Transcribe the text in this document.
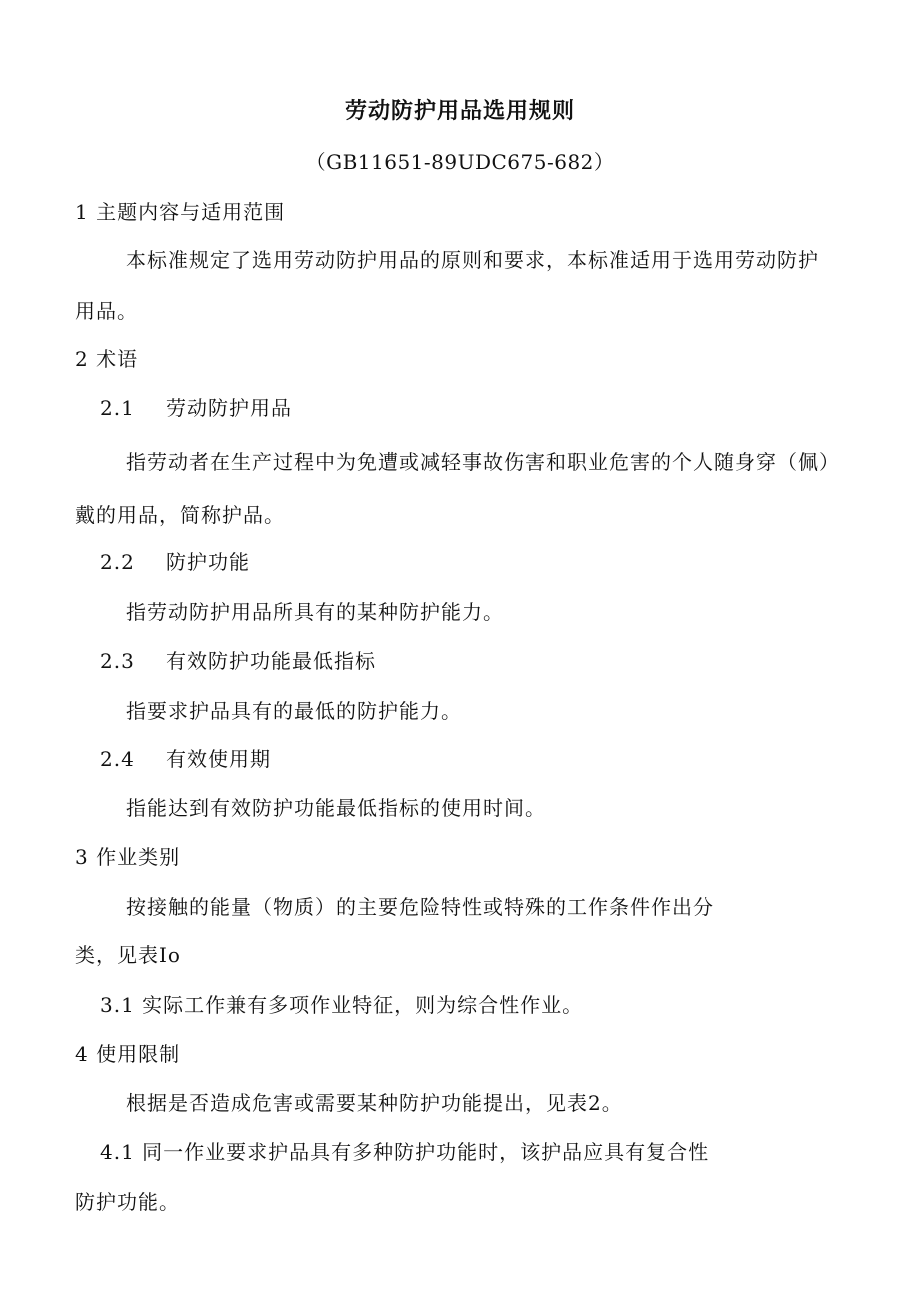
劳动防护用品选用规则
（GB11651-89UDC675-682）
1 主题内容与适用范围
本标准规定了选用劳动防护用品的原则和要求，本标准适用于选用劳动防护
用品。
2 术语
2.1 劳动防护用品
指劳动者在生产过程中为免遭或减轻事故伤害和职业危害的个人随身穿（佩）
戴的用品，简称护品。
2.2 防护功能
指劳动防护用品所具有的某种防护能力。
2.3 有效防护功能最低指标
指要求护品具有的最低的防护能力。
2.4 有效使用期
指能达到有效防护功能最低指标的使用时间。
3 作业类别
按接触的能量（物质）的主要危险特性或特殊的工作条件作出分
类，见表Io
3.1 实际工作兼有多项作业特征，则为综合性作业。
4 使用限制
根据是否造成危害或需要某种防护功能提出，见表2。
4.1 同一作业要求护品具有多种防护功能时，该护品应具有复合性
防护功能。
